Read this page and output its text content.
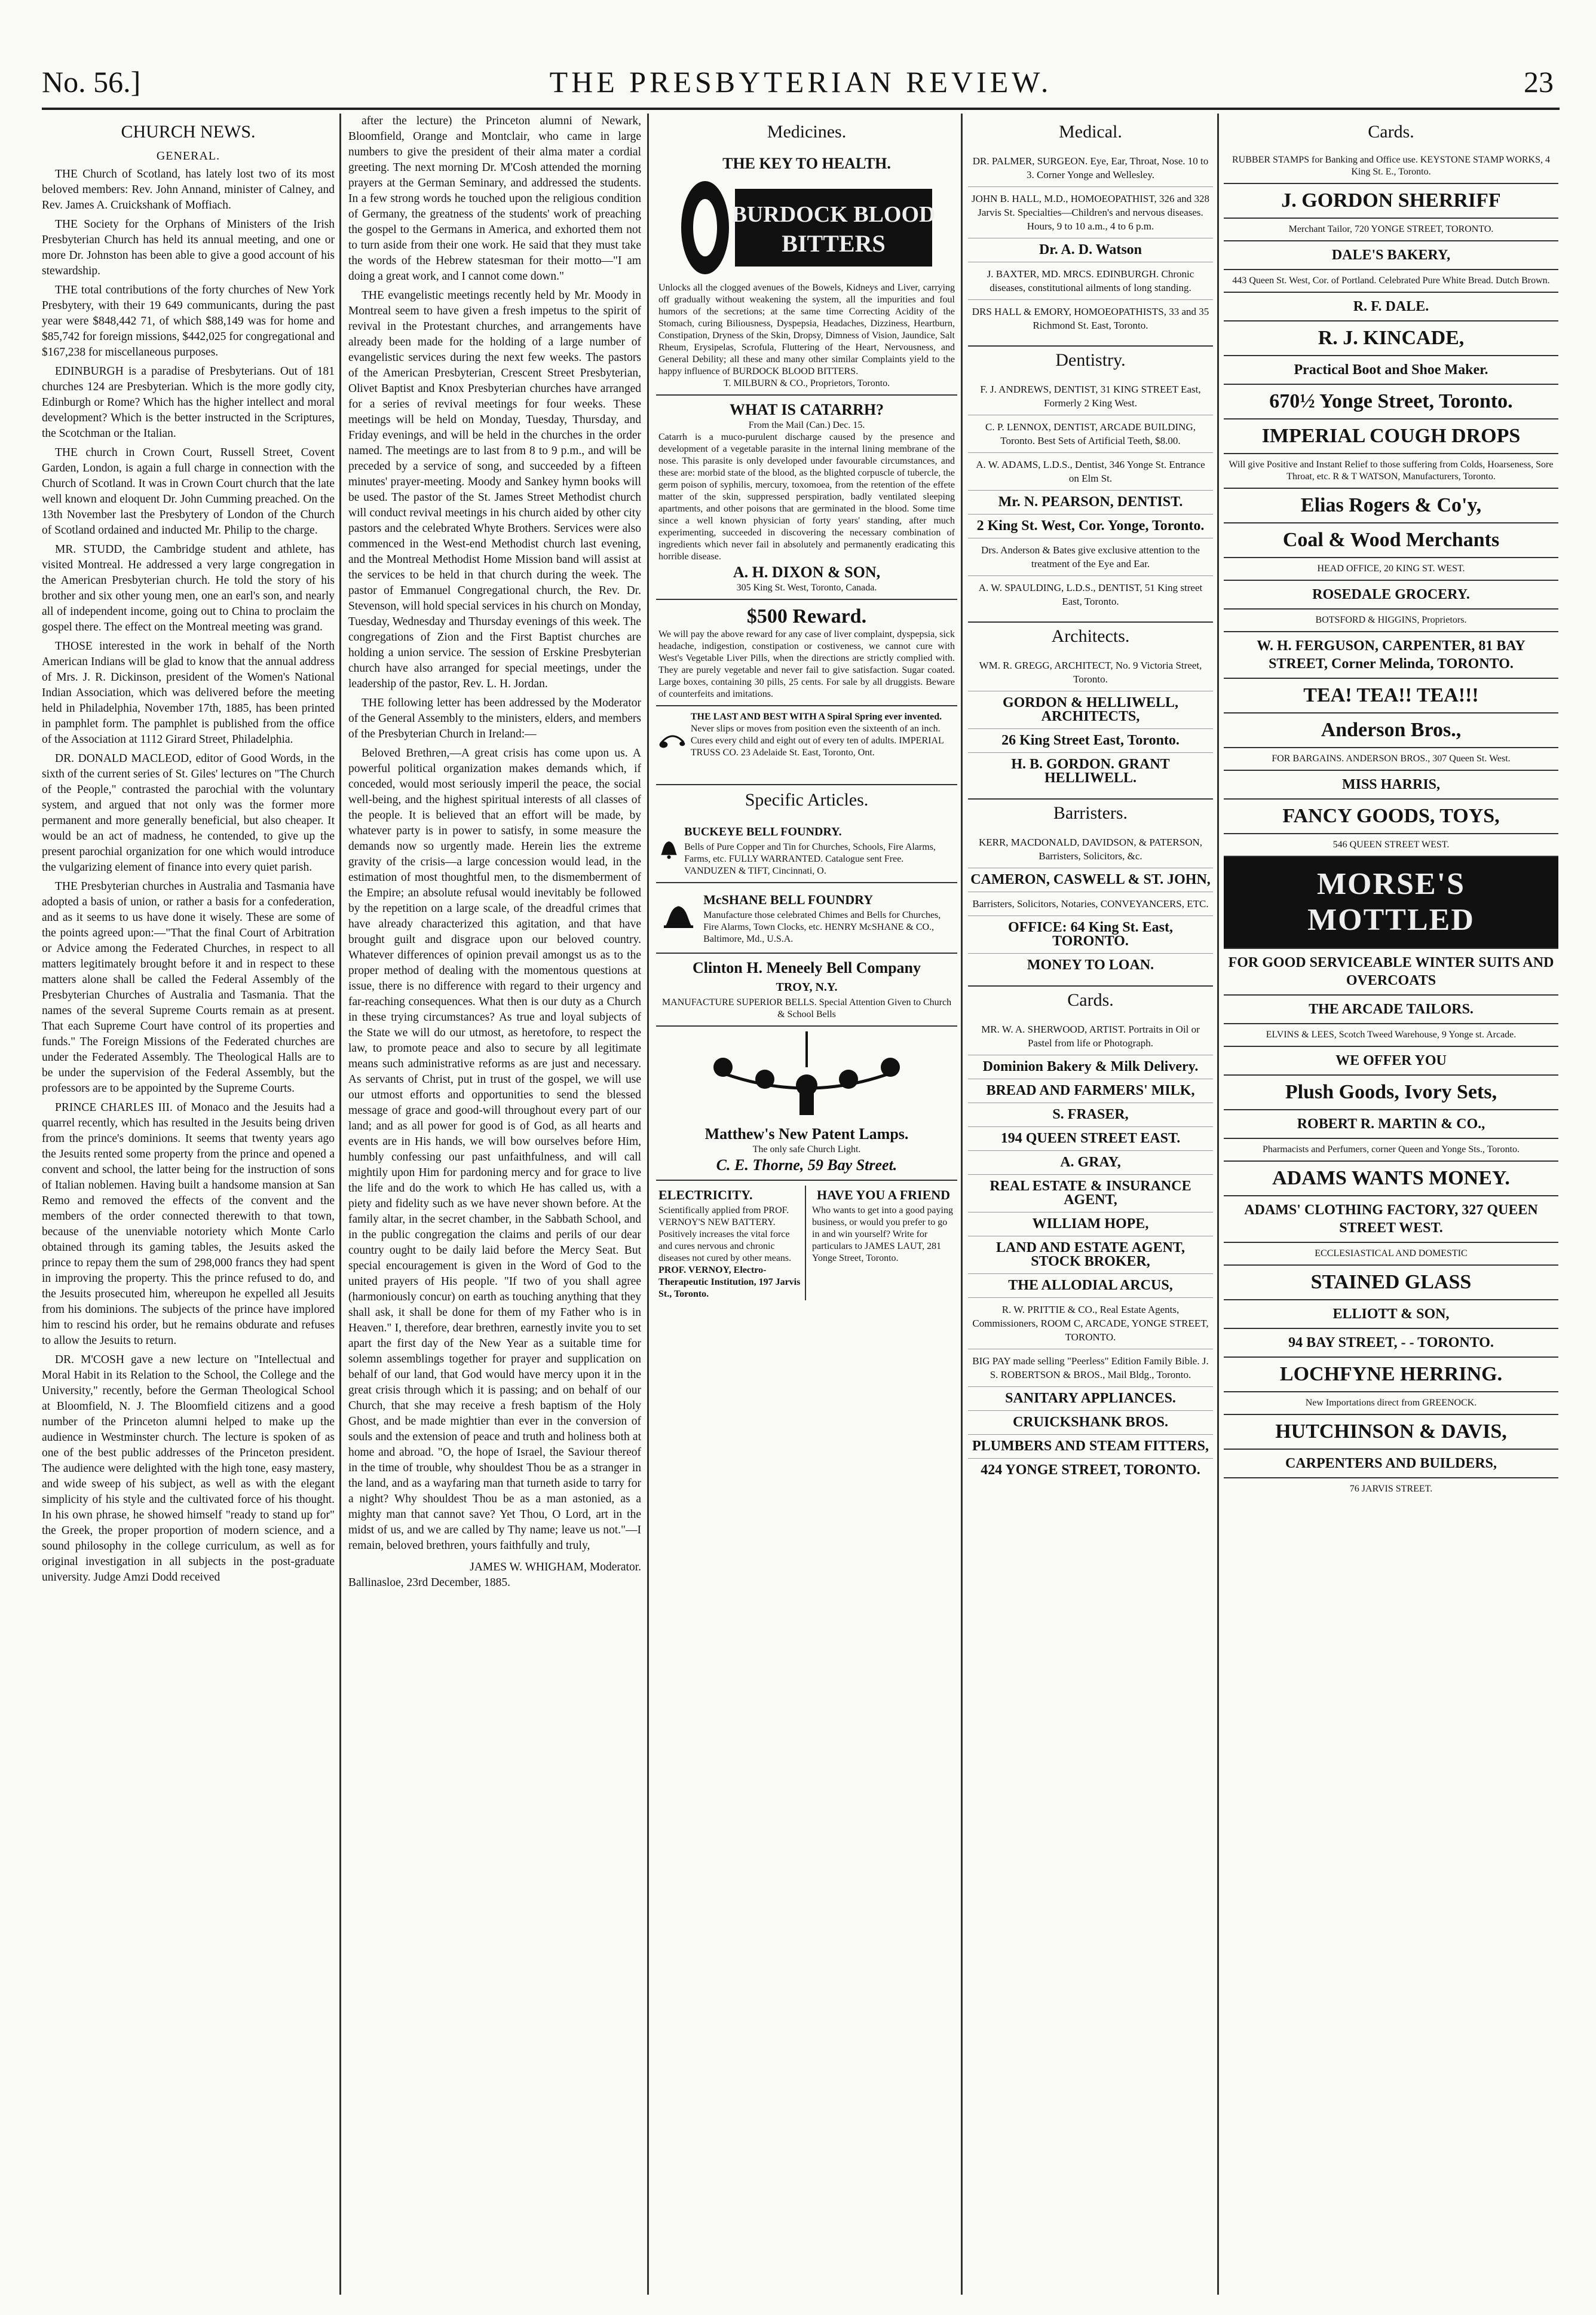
No. 56.]	THE PRESBYTERIAN REVIEW.	23
CHURCH NEWS.
GENERAL.

THE Church of Scotland, has lately lost two of its most beloved members: Rev. John Annand, minister of Calney, and Rev. James A. Cruickshank of Moffiach.

THE Society for the Orphans of Ministers of the Irish Presbyterian Church has held its annual meeting, and one or more Dr. Johnston has been able to give a good account of his stewardship.

THE total contributions of the forty churches of New York Presbytery, with their 19 649 communicants, during the past year were $848,442 71, of which $88,149 was for home and $85,742 for foreign missions, $442,025 for congregational and $167,238 for miscellaneous purposes.

EDINBURGH is a paradise of Presbyterians. Out of 181 churches 124 are Presbyterian. Which is the more godly city, Edinburgh or Rome? Which has the higher intellect and moral development? Which is the better instructed in the Scriptures, the Scotchman or the Italian.

THE church in Crown Court, Russell Street, Covent Garden, London, is again a full charge in connection with the Church of Scotland. It was in Crown Court church that the late well known and eloquent Dr. John Cumming preached. On the 13th November last the Presbytery of London of the Church of Scotland ordained and inducted Mr. Philip to the charge.

MR. STUDD, the Cambridge student and athlete, has visited Montreal. He addressed a very large congregation in the American Presbyterian church. He told the story of his brother and six other young men, one an earl's son, and nearly all of independent income, going out to China to proclaim the gospel there. The effect on the Montreal meeting was grand.

THOSE interested in the work in behalf of the North American Indians will be glad to know that the annual address of Mrs. J. R. Dickinson, president of the Women's National Indian Association, which was delivered before the meeting held in Philadelphia, November 17th, 1885, has been printed in pamphlet form. The pamphlet is published from the office of the Association at 1112 Girard Street, Philadelphia.

DR. DONALD MACLEOD, editor of Good Words, in the sixth of the current series of St. Giles' lectures on "The Church of the People," contrasted the parochial with the voluntary system, and argued that not only was the former more permanent and more generally beneficial, but also cheaper. It would be an act of madness, he contended, to give up the present parochial organization for one which would introduce the vulgarizing element of finance into every quiet parish.

THE Presbyterian churches in Australia and Tasmania have adopted a basis of union, or rather a basis for a confederation, and as it seems to us have done it wisely. These are some of the points agreed upon:—"That the final Court of Arbitration or Advice among the Federated Churches, in respect to all matters legitimately brought before it and in respect to these matters alone shall be called the Federal Assembly of the Presbyterian Churches of Australia and Tasmania. That the names of the several Supreme Courts remain as at present. That each Supreme Court have control of its properties and funds." The Foreign Missions of the Federated churches are under the Federated Assembly. The Theological Halls are to be under the supervision of the Federal Assembly, but the professors are to be appointed by the Supreme Courts.

PRINCE CHARLES III. of Monaco and the Jesuits had a quarrel recently, which has resulted in the Jesuits being driven from the prince's dominions. It seems that twenty years ago the Jesuits rented some property from the prince and opened a convent and school, the latter being for the instruction of sons of Italian noblemen. Having built a handsome mansion at San Remo and removed the effects of the convent and the members of the order connected therewith to that town, because of the unenviable notoriety which Monte Carlo obtained through its gaming tables, the Jesuits asked the prince to repay them the sum of 298,000 francs they had spent in improving the property. This the prince refused to do, and the Jesuits prosecuted him, whereupon he expelled all Jesuits from his dominions. The subjects of the prince have implored him to rescind his order, but he remains obdurate and refuses to allow the Jesuits to return.

DR. M'COSH gave a new lecture on "Intellectual and Moral Habit in its Relation to the School, the College and the University," recently, before the German Theological School at Bloomfield, N. J. The Bloomfield citizens and a good number of the Princeton alumni helped to make up the audience in Westminster church. The lecture is spoken of as one of the best public addresses of the Princeton president. The audience were delighted with the high tone, easy mastery, and wide sweep of his subject, as well as with the elegant simplicity of his style and the cultivated force of his thought. In his own phrase, he showed himself "ready to stand up for" the Greek, the proper proportion of modern science, and a sound philosophy in the college curriculum, as well as for original investigation in all subjects in the post-graduate university. Judge Amzi Dodd received

after the lecture) the Princeton alumni of Newark, Bloomfield, Orange and Montclair, who came in large numbers to give the president of their alma mater a cordial greeting. The next morning Dr. M'Cosh attended the morning prayers at the German Seminary, and addressed the students. In a few strong words he touched upon the religious condition of Germany, the greatness of the students' work of preaching the gospel to the Germans in America, and exhorted them not to turn aside from their one work. He said that they must take the words of the Hebrew statesman for their motto—"I am doing a great work, and I cannot come down."

THE evangelistic meetings recently held by Mr. Moody in Montreal seem to have given a fresh impetus to the spirit of revival in the Protestant churches, and arrangements have already been made for the holding of a large number of evangelistic services during the next few weeks. The pastors of the American Presbyterian, Crescent Street Presbyterian, Olivet Baptist and Knox Presbyterian churches have arranged for a series of revival meetings for four weeks. These meetings will be held on Monday, Tuesday, Thursday, and Friday evenings, and will be held in the churches in the order named. The meetings are to last from 8 to 9 p.m., and will be preceded by a service of song, and succeeded by a fifteen minutes' prayer-meeting. Moody and Sankey hymn books will be used. The pastor of the St. James Street Methodist church will conduct revival meetings in his church aided by other city pastors and the celebrated Whyte Brothers. Services were also commenced in the West-end Methodist church last evening, and the Montreal Methodist Home Mission band will assist at the services to be held in that church during the week. The pastor of Emmanuel Congregational church, the Rev. Dr. Stevenson, will hold special services in his church on Monday, Tuesday, Wednesday and Thursday evenings of this week. The congregations of Zion and the First Baptist churches are holding a union service. The session of Erskine Presbyterian church have also arranged for special meetings, under the leadership of the pastor, Rev. L. H. Jordan.

THE following letter has been addressed by the Moderator of the General Assembly to the ministers, elders, and members of the Presbyterian Church in Ireland:—

Beloved Brethren,—A great crisis has come upon us. A powerful political organization makes demands which, if conceded, would most seriously imperil the peace, the social well-being, and the highest spiritual interests of all classes of the people. It is believed that an effort will be made, by whatever party is in power to satisfy, in some measure the demands now so urgently made. Herein lies the extreme gravity of the crisis—a large concession would lead, in the estimation of most thoughtful men, to the dismemberment of the Empire; an absolute refusal would inevitably be followed by the repetition on a large scale, of the dreadful crimes that have already characterized this agitation, and that have brought guilt and disgrace upon our beloved country. Whatever differences of opinion prevail amongst us as to the proper method of dealing with the momentous questions at issue, there is no difference with regard to their urgency and far-reaching consequences. What then is our duty as a Church in these trying circumstances? As true and loyal subjects of the State we will do our utmost, as heretofore, to respect the law, to promote peace and also to secure by all legitimate means such administrative reforms as are just and necessary. As servants of Christ, put in trust of the gospel, we will use our utmost efforts and opportunities to send the blessed message of grace and good-will throughout every part of our land; and as all power for good is of God, as all hearts and events are in His hands, we will bow ourselves before Him, humbly confessing our past unfaithfulness, and will call mightily upon Him for pardoning mercy and for grace to live the life and do the work to which He has called us, with a piety and fidelity such as we have never shown before. At the family altar, in the secret chamber, in the Sabbath School, and in the public congregation the claims and perils of our dear country ought to be daily laid before the Mercy Seat. But special encouragement is given in the Word of God to the united prayers of His people. "If two of you shall agree (harmoniously concur) on earth as touching anything that they shall ask, it shall be done for them of my Father who is in Heaven." I, therefore, dear brethren, earnestly invite you to set apart the first day of the New Year as a suitable time for solemn assemblings together for prayer and supplication on behalf of our land, that God would have mercy upon it in the great crisis through which it is passing; and on behalf of our Church, that she may receive a fresh baptism of the Holy Ghost, and be made mightier than ever in the conversion of souls and the extension of peace and truth and holiness both at home and abroad. "O, the hope of Israel, the Saviour thereof in the time of trouble, why shouldest Thou be as a stranger in the land, and as a wayfaring man that turneth aside to tarry for a night? Why shouldest Thou be as a man astonied, as a mighty man that cannot save? Yet Thou, O Lord, art in the midst of us, and we are called by Thy name; leave us not."—I remain, beloved brethren, yours faithfully and truly,

JAMES W. WHIGHAM, Moderator.
Ballinasloe, 23rd December, 1885.
Medicines.
THE KEY TO HEALTH.
BURDOCK BLOOD
BITTERS
Unlocks all the clogged avenues of the Bowels, Kidneys and Liver, carrying off gradually without weakening the system, all the impurities and foul humors of the secretions; at the same time Correcting Acidity of the Stomach, curing Biliousness, Dyspepsia, Headaches, Dizziness, Heartburn, Constipation, Dryness of the Skin, Dropsy, Dimness of Vision, Jaundice, Salt Rheum, Erysipelas, Scrofula, Fluttering of the Heart, Nervousness, and General Debility; all these and many other similar Complaints yield to the happy influence of BURDOCK BLOOD BITTERS.
T. MILBURN & CO., Proprietors, Toronto.
WHAT IS CATARRH?
From the Mail (Can.) Dec. 15.
Catarrh is a muco-purulent discharge caused by the presence and development of a vegetable parasite in the internal lining membrane of the nose. This parasite is only developed under favourable circumstances, and these are: morbid state of the blood, as the blighted corpuscle of tubercle, the germ poison of syphilis, mercury, toxomoea, from the retention of the effete matter of the skin, suppressed perspiration, badly ventilated sleeping apartments, and other poisons that are germinated in the blood. Some time since a well known physician of forty years' standing, after much experimenting, succeeded in discovering the necessary combination of ingredients which never fail in absolutely and permanently eradicating this horrible disease.
A. H. DIXON & SON,
305 King St. West, Toronto, Canada.
$500 Reward.
We will pay the above reward for any case of liver complaint, dyspepsia, sick headache, indigestion, constipation or costiveness, we cannot cure with West's Vegetable Liver Pills, when the directions are strictly complied with. They are purely vegetable and never fail to give satisfaction. Sugar coated. Large boxes, containing 30 pills, 25 cents. For sale by all druggists. Beware of counterfeits and imitations.
THE LAST AND BEST WITH A Spiral Spring ever invented.
Never slips or moves from position even the sixteenth of an inch. Cures every child and eight out of every ten of adults. IMPERIAL TRUSS CO. 23 Adelaide St. East, Toronto, Ont.
Specific Articles.
BUCKEYE BELL FOUNDRY.
Bells of Pure Copper and Tin for Churches, Schools, Fire Alarms, Farms, etc. FULLY WARRANTED. Catalogue sent Free. VANDUZEN & TIFT, Cincinnati, O.
McSHANE BELL FOUNDRY
Manufacture those celebrated Chimes and Bells for Churches, Fire Alarms, Town Clocks, etc. HENRY McSHANE & CO., Baltimore, Md., U.S.A.
Clinton H. Meneely Bell Company
TROY, N.Y.
MANUFACTURE SUPERIOR BELLS. Special Attention Given to Church & School Bells
Matthew's New Patent Lamps.
The only safe Church Light.
C. E. Thorne, 59 Bay Street.
ELECTRICITY.
Scientifically applied from PROF. VERNOY'S NEW BATTERY. Positively increases the vital force and cures nervous and chronic diseases not cured by other means.
PROF. VERNOY, Electro-Therapeutic Institution, 197 Jarvis St., Toronto.
HAVE YOU A FRIEND
Who wants to get into a good paying business, or would you prefer to go in and win yourself? Write for particulars to JAMES LAUT, 281 Yonge Street, Toronto.
Medical.
DR. PALMER, SURGEON. Eye, Ear, Throat, Nose. 10 to 3. Corner Yonge and Wellesley.
JOHN B. HALL, M.D., HOMOEOPATHIST, 326 and 328 Jarvis St. Specialties—Children's and nervous diseases. Hours, 9 to 10 a.m., 4 to 6 p.m.
Dr. A. D. Watson
J. BAXTER, MD. MRCS. EDINBURGH. Chronic diseases, constitutional ailments of long standing.
DRS HALL & EMORY, HOMOEOPATHISTS, 33 and 35 Richmond St. East, Toronto.
Dentistry.
F. J. ANDREWS, DENTIST, 31 KING STREET East, Formerly 2 King West.
C. P. LENNOX, DENTIST, ARCADE BUILDING, Toronto. Best Sets of Artificial Teeth, $8.00.
A. W. ADAMS, L.D.S., Dentist, 346 Yonge St. Entrance on Elm St.
Mr. N. PEARSON, DENTIST.
2 King St. West, Cor. Yonge, Toronto.
Drs. Anderson & Bates give exclusive attention to the treatment of the Eye and Ear.
A. W. SPAULDING, L.D.S., DENTIST, 51 King street East, Toronto.
Architects.
WM. R. GREGG, ARCHITECT, No. 9 Victoria Street, Toronto.
GORDON & HELLIWELL, ARCHITECTS,
26 King Street East, Toronto.
H. B. GORDON. GRANT HELLIWELL.
Barristers.
KERR, MACDONALD, DAVIDSON, & PATERSON, Barristers, Solicitors, &c.
CAMERON, CASWELL & ST. JOHN,
Barristers, Solicitors, Notaries, CONVEYANCERS, ETC.
OFFICE: 64 King St. East, TORONTO.
MONEY TO LOAN.
Cards.
MR. W. A. SHERWOOD, ARTIST. Portraits in Oil or Pastel from life or Photograph.
Dominion Bakery & Milk Delivery.
BREAD AND FARMERS' MILK,
S. FRASER,
194 QUEEN STREET EAST.
A. GRAY,
REAL ESTATE & INSURANCE AGENT,
WILLIAM HOPE,
LAND AND ESTATE AGENT, STOCK BROKER,
THE ALLODIAL ARCUS,
R. W. PRITTIE & CO., Real Estate Agents, Commissioners, ROOM C, ARCADE, YONGE STREET, TORONTO.
BIG PAY made selling "Peerless" Edition Family Bible. J. S. ROBERTSON & BROS., Mail Bldg., Toronto.
SANITARY APPLIANCES.
CRUICKSHANK BROS.
PLUMBERS AND STEAM FITTERS,
424 YONGE STREET, TORONTO.
Cards.
RUBBER STAMPS for Banking and Office use. KEYSTONE STAMP WORKS, 4 King St. E., Toronto.
J. GORDON SHERRIFF
Merchant Tailor, 720 YONGE STREET, TORONTO.
DALE'S BAKERY,
443 Queen St. West, Cor. of Portland. Celebrated Pure White Bread. Dutch Brown.
R. F. DALE.
R. J. KINCADE,
Practical Boot and Shoe Maker.
670½ Yonge Street, Toronto.
IMPERIAL COUGH DROPS
Will give Positive and Instant Relief to those suffering from Colds, Hoarseness, Sore Throat, etc. R & T WATSON, Manufacturers, Toronto.
Elias Rogers & Co'y,
Coal & Wood Merchants
HEAD OFFICE, 20 KING ST. WEST.
ROSEDALE GROCERY.
BOTSFORD & HIGGINS, Proprietors.
W. H. FERGUSON, CARPENTER, 81 BAY STREET, Corner Melinda, TORONTO.
TEA! TEA!! TEA!!!
Anderson Bros.,
FOR BARGAINS. ANDERSON BROS., 307 Queen St. West.
MISS HARRIS,
FANCY GOODS, TOYS,
546 QUEEN STREET WEST.
MORSE'S MOTTLED
FOR GOOD SERVICEABLE WINTER SUITS AND OVERCOATS
THE ARCADE TAILORS.
ELVINS & LEES, Scotch Tweed Warehouse, 9 Yonge st. Arcade.
WE OFFER YOU
Plush Goods, Ivory Sets,
ROBERT R. MARTIN & CO.,
Pharmacists and Perfumers, corner Queen and Yonge Sts., Toronto.
ADAMS WANTS MONEY.
ADAMS' CLOTHING FACTORY, 327 QUEEN STREET WEST.
ECCLESIASTICAL AND DOMESTIC
STAINED GLASS
ELLIOTT & SON,
94 BAY STREET, - - TORONTO.
LOCHFYNE HERRING.
New Importations direct from GREENOCK.
HUTCHINSON & DAVIS,
CARPENTERS AND BUILDERS,
76 JARVIS STREET.
